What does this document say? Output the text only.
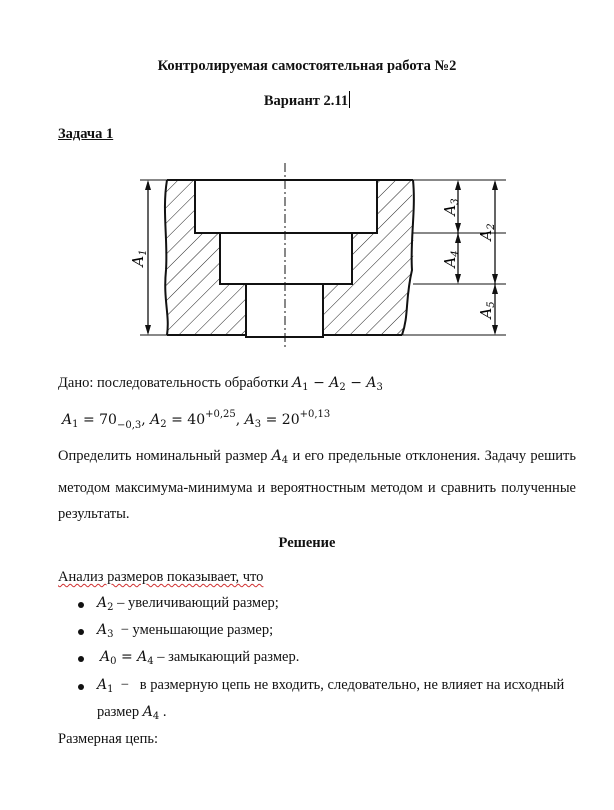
Контролируемая самостоятельная работа №2
Вариант 2.11
Задача 1
$A_1$
$A_3$
$A_4$
$A_2$
$A_5$
Дано: последовательность обработки $A_1 - A_2 - A_3$
$A_1 = 70_{-0,3}$, $A_2 = 40^{+0,25}$, $A_3 = 20^{+0,13}$
Определить номинальный размер $A_4$ и его предельные отклонения. Задачу решить методом максимума-минимума и вероятностным методом и сравнить полученные результаты.
Решение
Анализ размеров показывает, что
$A_2$ – увеличивающий размер;
$A_3$  − уменьшающие размер;
$A_0 = A_4$ – замыкающий размер.
$A_1 - в$ размерную цепь не входить, следовательно, не влияет на исходный
размер $A_4$ .
Размерная цепь:
